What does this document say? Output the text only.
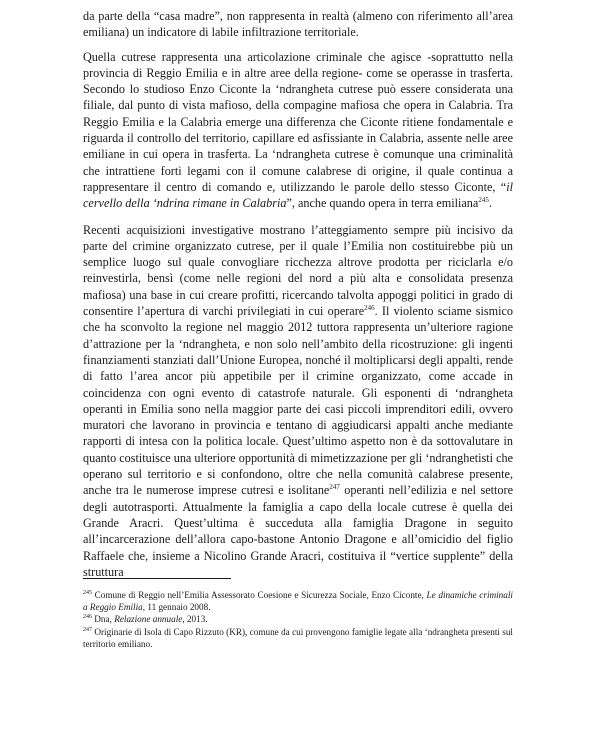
da parte della “casa madre”, non rappresenta in realtà (almeno con riferimento all’area emiliana) un indicatore di labile infiltrazione territoriale.

Quella cutrese rappresenta una articolazione criminale che agisce -soprattutto nella provincia di Reggio Emilia e in altre aree della regione- come se operasse in trasferta. Secondo lo studioso Enzo Ciconte la ‘ndrangheta cutrese può essere considerata una filiale, dal punto di vista mafioso, della compagine mafiosa che opera in Calabria. Tra Reggio Emilia e la Calabria emerge una differenza che Ciconte ritiene fondamentale e riguarda il controllo del territorio, capillare ed asfissiante in Calabria, assente nelle aree emiliane in cui opera in trasferta. La ‘ndrangheta cutrese è comunque una criminalità che intrattiene forti legami con il comune calabrese di origine, il quale continua a rappresentare il centro di comando e, utilizzando le parole dello stesso Ciconte, “il cervello della ‘ndrina rimane in Calabria”, anche quando opera in terra emiliana$^{245}$.

Recenti acquisizioni investigative mostrano l’atteggiamento sempre più incisivo da parte del crimine organizzato cutrese, per il quale l’Emilia non costituirebbe più un semplice luogo sul quale convogliare ricchezza altrove prodotta per riciclarla e/o reinvestirla, bensì (come nelle regioni del nord a più alta e consolidata presenza mafiosa) una base in cui creare profitti, ricercando talvolta appoggi politici in grado di consentire l’apertura di varchi privilegiati in cui operare$^{246}$. Il violento sciame sismico che ha sconvolto la regione nel maggio 2012 tuttora rappresenta un’ulteriore ragione d’attrazione per la ‘ndrangheta, e non solo nell’ambito della ricostruzione: gli ingenti finanziamenti stanziati dall’Unione Europea, nonché il moltiplicarsi degli appalti, rende di fatto l’area ancor più appetibile per il crimine organizzato, come accade in coincidenza con ogni evento di catastrofe naturale. Gli esponenti di ‘ndrangheta operanti in Emilia sono nella maggior parte dei casi piccoli imprenditori edili, ovvero muratori che lavorano in provincia e tentano di aggiudicarsi appalti anche mediante rapporti di intesa con la politica locale. Quest’ultimo aspetto non è da sottovalutare in quanto costituisce una ulteriore opportunità di mimetizzazione per gli ‘ndranghetisti che operano sul territorio e si confondono, oltre che nella comunità calabrese presente, anche tra le numerose imprese cutresi e isolitane$^{247}$ operanti nell’edilizia e nel settore degli autotrasporti. Attualmente la famiglia a capo della locale cutrese è quella dei Grande Aracri. Quest’ultima è succeduta alla famiglia Dragone in seguito all’incarcerazione dell’allora capo-bastone Antonio Dragone e all’omicidio del figlio Raffaele che, insieme a Nicolino Grande Aracri, costituiva il “vertice supplente” della struttura

$^{245}$ Comune di Reggio nell’Emilia Assessorato Coesione e Sicurezza Sociale, Enzo Ciconte, Le dinamiche criminali a Reggio Emilia, 11 gennaio 2008.

$^{246}$ Dna, Relazione annuale, 2013.

$^{247}$ Originarie di Isola di Capo Rizzuto (KR), comune da cui provengono famiglie legate alla ‘ndrangheta presenti sul territorio emiliano.
